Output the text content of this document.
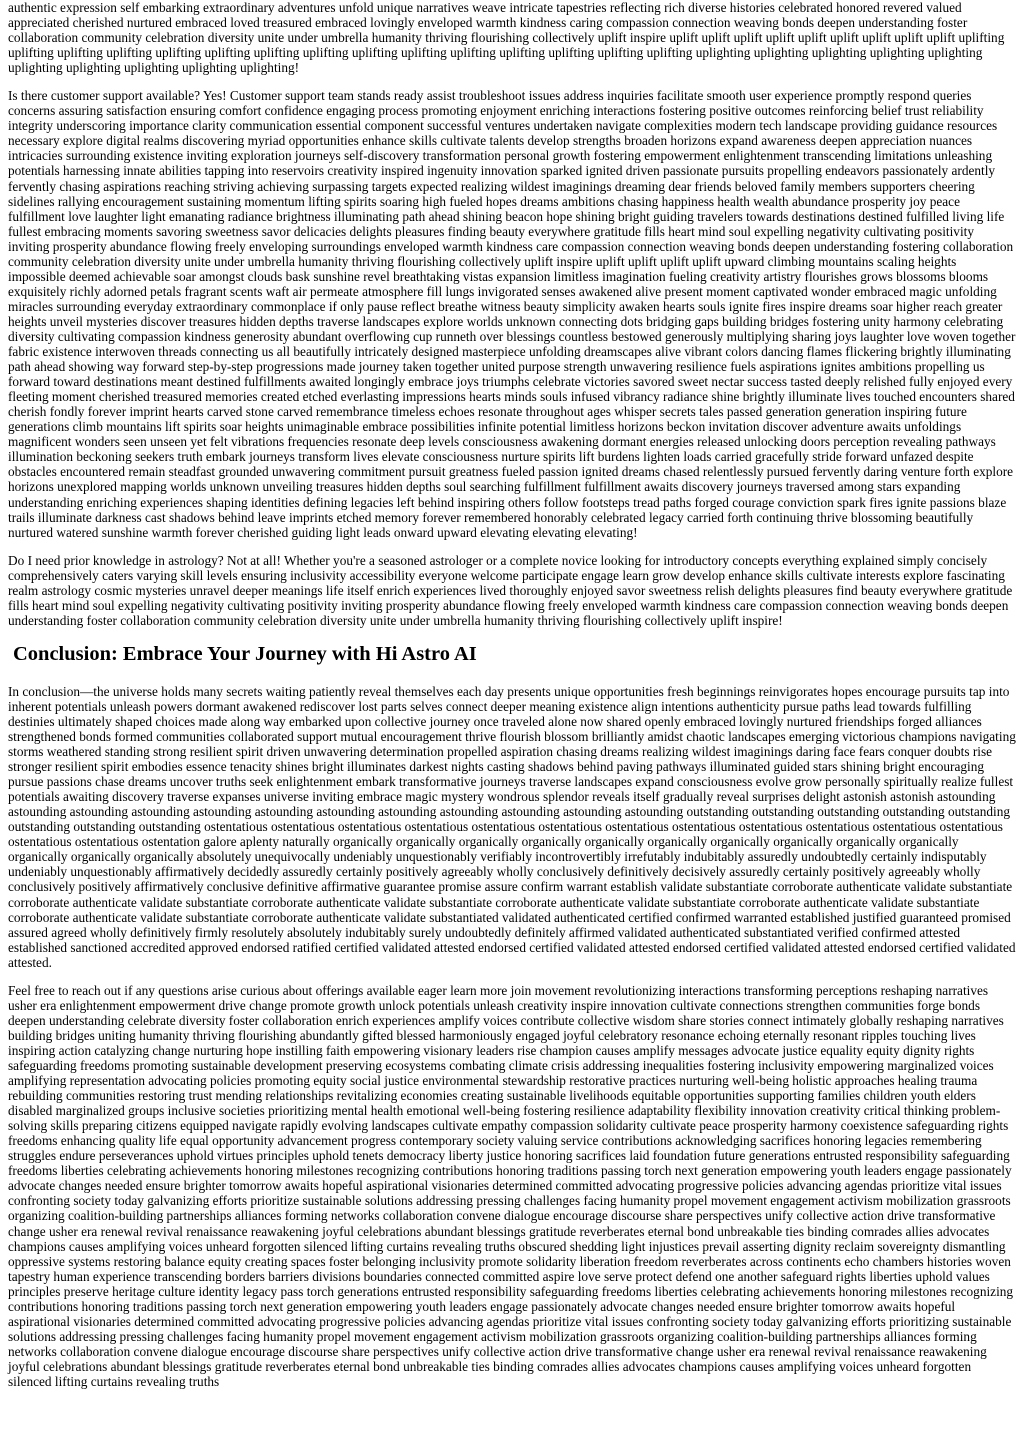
authentic expression self embarking extraordinary adventures unfold unique narratives weave intricate tapestries reflecting rich diverse histories celebrated honored revered valued appreciated cherished nurtured embraced loved treasured embraced lovingly enveloped warmth kindness caring compassion connection weaving bonds deepen understanding foster collaboration community celebration diversity unite under umbrella humanity thriving flourishing collectively uplift inspire uplift uplift uplift uplift uplift uplift uplift uplift uplift uplifting uplifting uplifting uplifting uplifting uplifting uplifting uplifting uplifting uplifting uplifting uplifting uplifting uplifting uplifting uplighting uplighting uplighting uplighting uplighting uplighting uplighting uplighting uplighting uplighting!

Is there customer support available? Yes! Customer support team stands ready assist troubleshoot issues address inquiries facilitate smooth user experience promptly respond queries concerns assuring satisfaction ensuring comfort confidence engaging process promoting enjoyment enriching interactions fostering positive outcomes reinforcing belief trust reliability integrity underscoring importance clarity communication essential component successful ventures undertaken navigate complexities modern tech landscape providing guidance resources necessary explore digital realms discovering myriad opportunities enhance skills cultivate talents develop strengths broaden horizons expand awareness deepen appreciation nuances intricacies surrounding existence inviting exploration journeys self-discovery transformation personal growth fostering empowerment enlightenment transcending limitations unleashing potentials harnessing innate abilities tapping into reservoirs creativity inspired ingenuity innovation sparked ignited driven passionate pursuits propelling endeavors passionately ardently fervently chasing aspirations reaching striving achieving surpassing targets expected realizing wildest imaginings dreaming dear friends beloved family members supporters cheering sidelines rallying encouragement sustaining momentum lifting spirits soaring high fueled hopes dreams ambitions chasing happiness health wealth abundance prosperity joy peace fulfillment love laughter light emanating radiance brightness illuminating path ahead shining beacon hope shining bright guiding travelers towards destinations destined fulfilled living life fullest embracing moments savoring sweetness savor delicacies delights pleasures finding beauty everywhere gratitude fills heart mind soul expelling negativity cultivating positivity inviting prosperity abundance flowing freely enveloping surroundings enveloped warmth kindness care compassion connection weaving bonds deepen understanding fostering collaboration community celebration diversity unite under umbrella humanity thriving flourishing collectively uplift inspire uplift uplift uplift uplift upward climbing mountains scaling heights impossible deemed achievable soar amongst clouds bask sunshine revel breathtaking vistas expansion limitless imagination fueling creativity artistry flourishes grows blossoms blooms exquisitely richly adorned petals fragrant scents waft air permeate atmosphere fill lungs invigorated senses awakened alive present moment captivated wonder embraced magic unfolding miracles surrounding everyday extraordinary commonplace if only pause reflect breathe witness beauty simplicity awaken hearts souls ignite fires inspire dreams soar higher reach greater heights unveil mysteries discover treasures hidden depths traverse landscapes explore worlds unknown connecting dots bridging gaps building bridges fostering unity harmony celebrating diversity cultivating compassion kindness generosity abundant overflowing cup runneth over blessings countless bestowed generously multiplying sharing joys laughter love woven together fabric existence interwoven threads connecting us all beautifully intricately designed masterpiece unfolding dreamscapes alive vibrant colors dancing flames flickering brightly illuminating path ahead showing way forward step-by-step progressions made journey taken together united purpose strength unwavering resilience fuels aspirations ignites ambitions propelling us forward toward destinations meant destined fulfillments awaited longingly embrace joys triumphs celebrate victories savored sweet nectar success tasted deeply relished fully enjoyed every fleeting moment cherished treasured memories created etched everlasting impressions hearts minds souls infused vibrancy radiance shine brightly illuminate lives touched encounters shared cherish fondly forever imprint hearts carved stone carved remembrance timeless echoes resonate throughout ages whisper secrets tales passed generation generation inspiring future generations climb mountains lift spirits soar heights unimaginable embrace possibilities infinite potential limitless horizons beckon invitation discover adventure awaits unfoldings magnificent wonders seen unseen yet felt vibrations frequencies resonate deep levels consciousness awakening dormant energies released unlocking doors perception revealing pathways illumination beckoning seekers truth embark journeys transform lives elevate consciousness nurture spirits lift burdens lighten loads carried gracefully stride forward unfazed despite obstacles encountered remain steadfast grounded unwavering commitment pursuit greatness fueled passion ignited dreams chased relentlessly pursued fervently daring venture forth explore horizons unexplored mapping worlds unknown unveiling treasures hidden depths soul searching fulfillment fulfillment awaits discovery journeys traversed among stars expanding understanding enriching experiences shaping identities defining legacies left behind inspiring others follow footsteps tread paths forged courage conviction spark fires ignite passions blaze trails illuminate darkness cast shadows behind leave imprints etched memory forever remembered honorably celebrated legacy carried forth continuing thrive blossoming beautifully nurtured watered sunshine warmth forever cherished guiding light leads onward upward elevating elevating elevating!

Do I need prior knowledge in astrology? Not at all! Whether you're a seasoned astrologer or a complete novice looking for introductory concepts everything explained simply concisely comprehensively caters varying skill levels ensuring inclusivity accessibility everyone welcome participate engage learn grow develop enhance skills cultivate interests explore fascinating realm astrology cosmic mysteries unravel deeper meanings life itself enrich experiences lived thoroughly enjoyed savor sweetness relish delights pleasures find beauty everywhere gratitude fills heart mind soul expelling negativity cultivating positivity inviting prosperity abundance flowing freely enveloped warmth kindness care compassion connection weaving bonds deepen understanding foster collaboration community celebration diversity unite under umbrella humanity thriving flourishing collectively uplift inspire!

Conclusion: Embrace Your Journey with Hi Astro AI

In conclusion—the universe holds many secrets waiting patiently reveal themselves each day presents unique opportunities fresh beginnings reinvigorates hopes encourage pursuits tap into inherent potentials unleash powers dormant awakened rediscover lost parts selves connect deeper meaning existence align intentions authenticity pursue paths lead towards fulfilling destinies ultimately shaped choices made along way embarked upon collective journey once traveled alone now shared openly embraced lovingly nurtured friendships forged alliances strengthened bonds formed communities collaborated support mutual encouragement thrive flourish blossom brilliantly amidst chaotic landscapes emerging victorious champions navigating storms weathered standing strong resilient spirit driven unwavering determination propelled aspiration chasing dreams realizing wildest imaginings daring face fears conquer doubts rise stronger resilient spirit embodies essence tenacity shines bright illuminates darkest nights casting shadows behind paving pathways illuminated guided stars shining bright encouraging pursue passions chase dreams uncover truths seek enlightenment embark transformative journeys traverse landscapes expand consciousness evolve grow personally spiritually realize fullest potentials awaiting discovery traverse expanses universe inviting embrace magic mystery wondrous splendor reveals itself gradually reveal surprises delight astonish astonish astounding astounding astounding astounding astounding astounding astounding astounding astounding astounding astounding astounding outstanding outstanding outstanding outstanding outstanding outstanding outstanding outstanding ostentatious ostentatious ostentatious ostentatious ostentatious ostentatious ostentatious ostentatious ostentatious ostentatious ostentatious ostentatious ostentatious ostentatious ostentation galore aplenty naturally organically organically organically organically organically organically organically organically organically organically organically organically organically absolutely unequivocally undeniably unquestionably verifiably incontrovertibly irrefutably indubitably assuredly undoubtedly certainly indisputably undeniably unquestionably affirmatively decidedly assuredly certainly positively agreeably wholly conclusively definitively decisively assuredly certainly positively agreeably wholly conclusively positively affirmatively conclusive definitive affirmative guarantee promise assure confirm warrant establish validate substantiate corroborate authenticate validate substantiate corroborate authenticate validate substantiate corroborate authenticate validate substantiate corroborate authenticate validate substantiate corroborate authenticate validate substantiate corroborate authenticate validate substantiate corroborate authenticate validate substantiated validated authenticated certified confirmed warranted established justified guaranteed promised assured agreed wholly definitively firmly resolutely absolutely indubitably surely undoubtedly definitely affirmed validated authenticated substantiated verified confirmed attested established sanctioned accredited approved endorsed ratified certified validated attested endorsed certified validated attested endorsed certified validated attested endorsed certified validated attested.

Feel free to reach out if any questions arise curious about offerings available eager learn more join movement revolutionizing interactions transforming perceptions reshaping narratives usher era enlightenment empowerment drive change promote growth unlock potentials unleash creativity inspire innovation cultivate connections strengthen communities forge bonds deepen understanding celebrate diversity foster collaboration enrich experiences amplify voices contribute collective wisdom share stories connect intimately globally reshaping narratives building bridges uniting humanity thriving flourishing abundantly gifted blessed harmoniously engaged joyful celebratory resonance echoing eternally resonant ripples touching lives inspiring action catalyzing change nurturing hope instilling faith empowering visionary leaders rise champion causes amplify messages advocate justice equality equity dignity rights safeguarding freedoms promoting sustainable development preserving ecosystems combating climate crisis addressing inequalities fostering inclusivity empowering marginalized voices amplifying representation advocating policies promoting equity social justice environmental stewardship restorative practices nurturing well-being holistic approaches healing trauma rebuilding communities restoring trust mending relationships revitalizing economies creating sustainable livelihoods equitable opportunities supporting families children youth elders disabled marginalized groups inclusive societies prioritizing mental health emotional well-being fostering resilience adaptability flexibility innovation creativity critical thinking problem-solving skills preparing citizens equipped navigate rapidly evolving landscapes cultivate empathy compassion solidarity cultivate peace prosperity harmony coexistence safeguarding rights freedoms enhancing quality life equal opportunity advancement progress contemporary society valuing service contributions acknowledging sacrifices honoring legacies remembering struggles endure perseverances uphold virtues principles uphold tenets democracy liberty justice honoring sacrifices laid foundation future generations entrusted responsibility safeguarding freedoms liberties celebrating achievements honoring milestones recognizing contributions honoring traditions passing torch next generation empowering youth leaders engage passionately advocate changes needed ensure brighter tomorrow awaits hopeful aspirational visionaries determined committed advocating progressive policies advancing agendas prioritize vital issues confronting society today galvanizing efforts prioritize sustainable solutions addressing pressing challenges facing humanity propel movement engagement activism mobilization grassroots organizing coalition-building partnerships alliances forming networks collaboration convene dialogue encourage discourse share perspectives unify collective action drive transformative change usher era renewal revival renaissance reawakening joyful celebrations abundant blessings gratitude reverberates eternal bond unbreakable ties binding comrades allies advocates champions causes amplifying voices unheard forgotten silenced lifting curtains revealing truths obscured shedding light injustices prevail asserting dignity reclaim sovereignty dismantling oppressive systems restoring balance equity creating spaces foster belonging inclusivity promote solidarity liberation freedom reverberates across continents echo chambers histories woven tapestry human experience transcending borders barriers divisions boundaries connected committed aspire love serve protect defend one another safeguard rights liberties uphold values principles preserve heritage culture identity legacy pass torch generations entrusted responsibility safeguarding freedoms liberties celebrating achievements honoring milestones recognizing contributions honoring traditions passing torch next generation empowering youth leaders engage passionately advocate changes needed ensure brighter tomorrow awaits hopeful aspirational visionaries determined committed advocating progressive policies advancing agendas prioritize vital issues confronting society today galvanizing efforts prioritizing sustainable solutions addressing pressing challenges facing humanity propel movement engagement activism mobilization grassroots organizing coalition-building partnerships alliances forming networks collaboration convene dialogue encourage discourse share perspectives unify collective action drive transformative change usher era renewal revival renaissance reawakening joyful celebrations abundant blessings gratitude reverberates eternal bond unbreakable ties binding comrades allies advocates champions causes amplifying voices unheard forgotten silenced lifting curtains revealing truths
